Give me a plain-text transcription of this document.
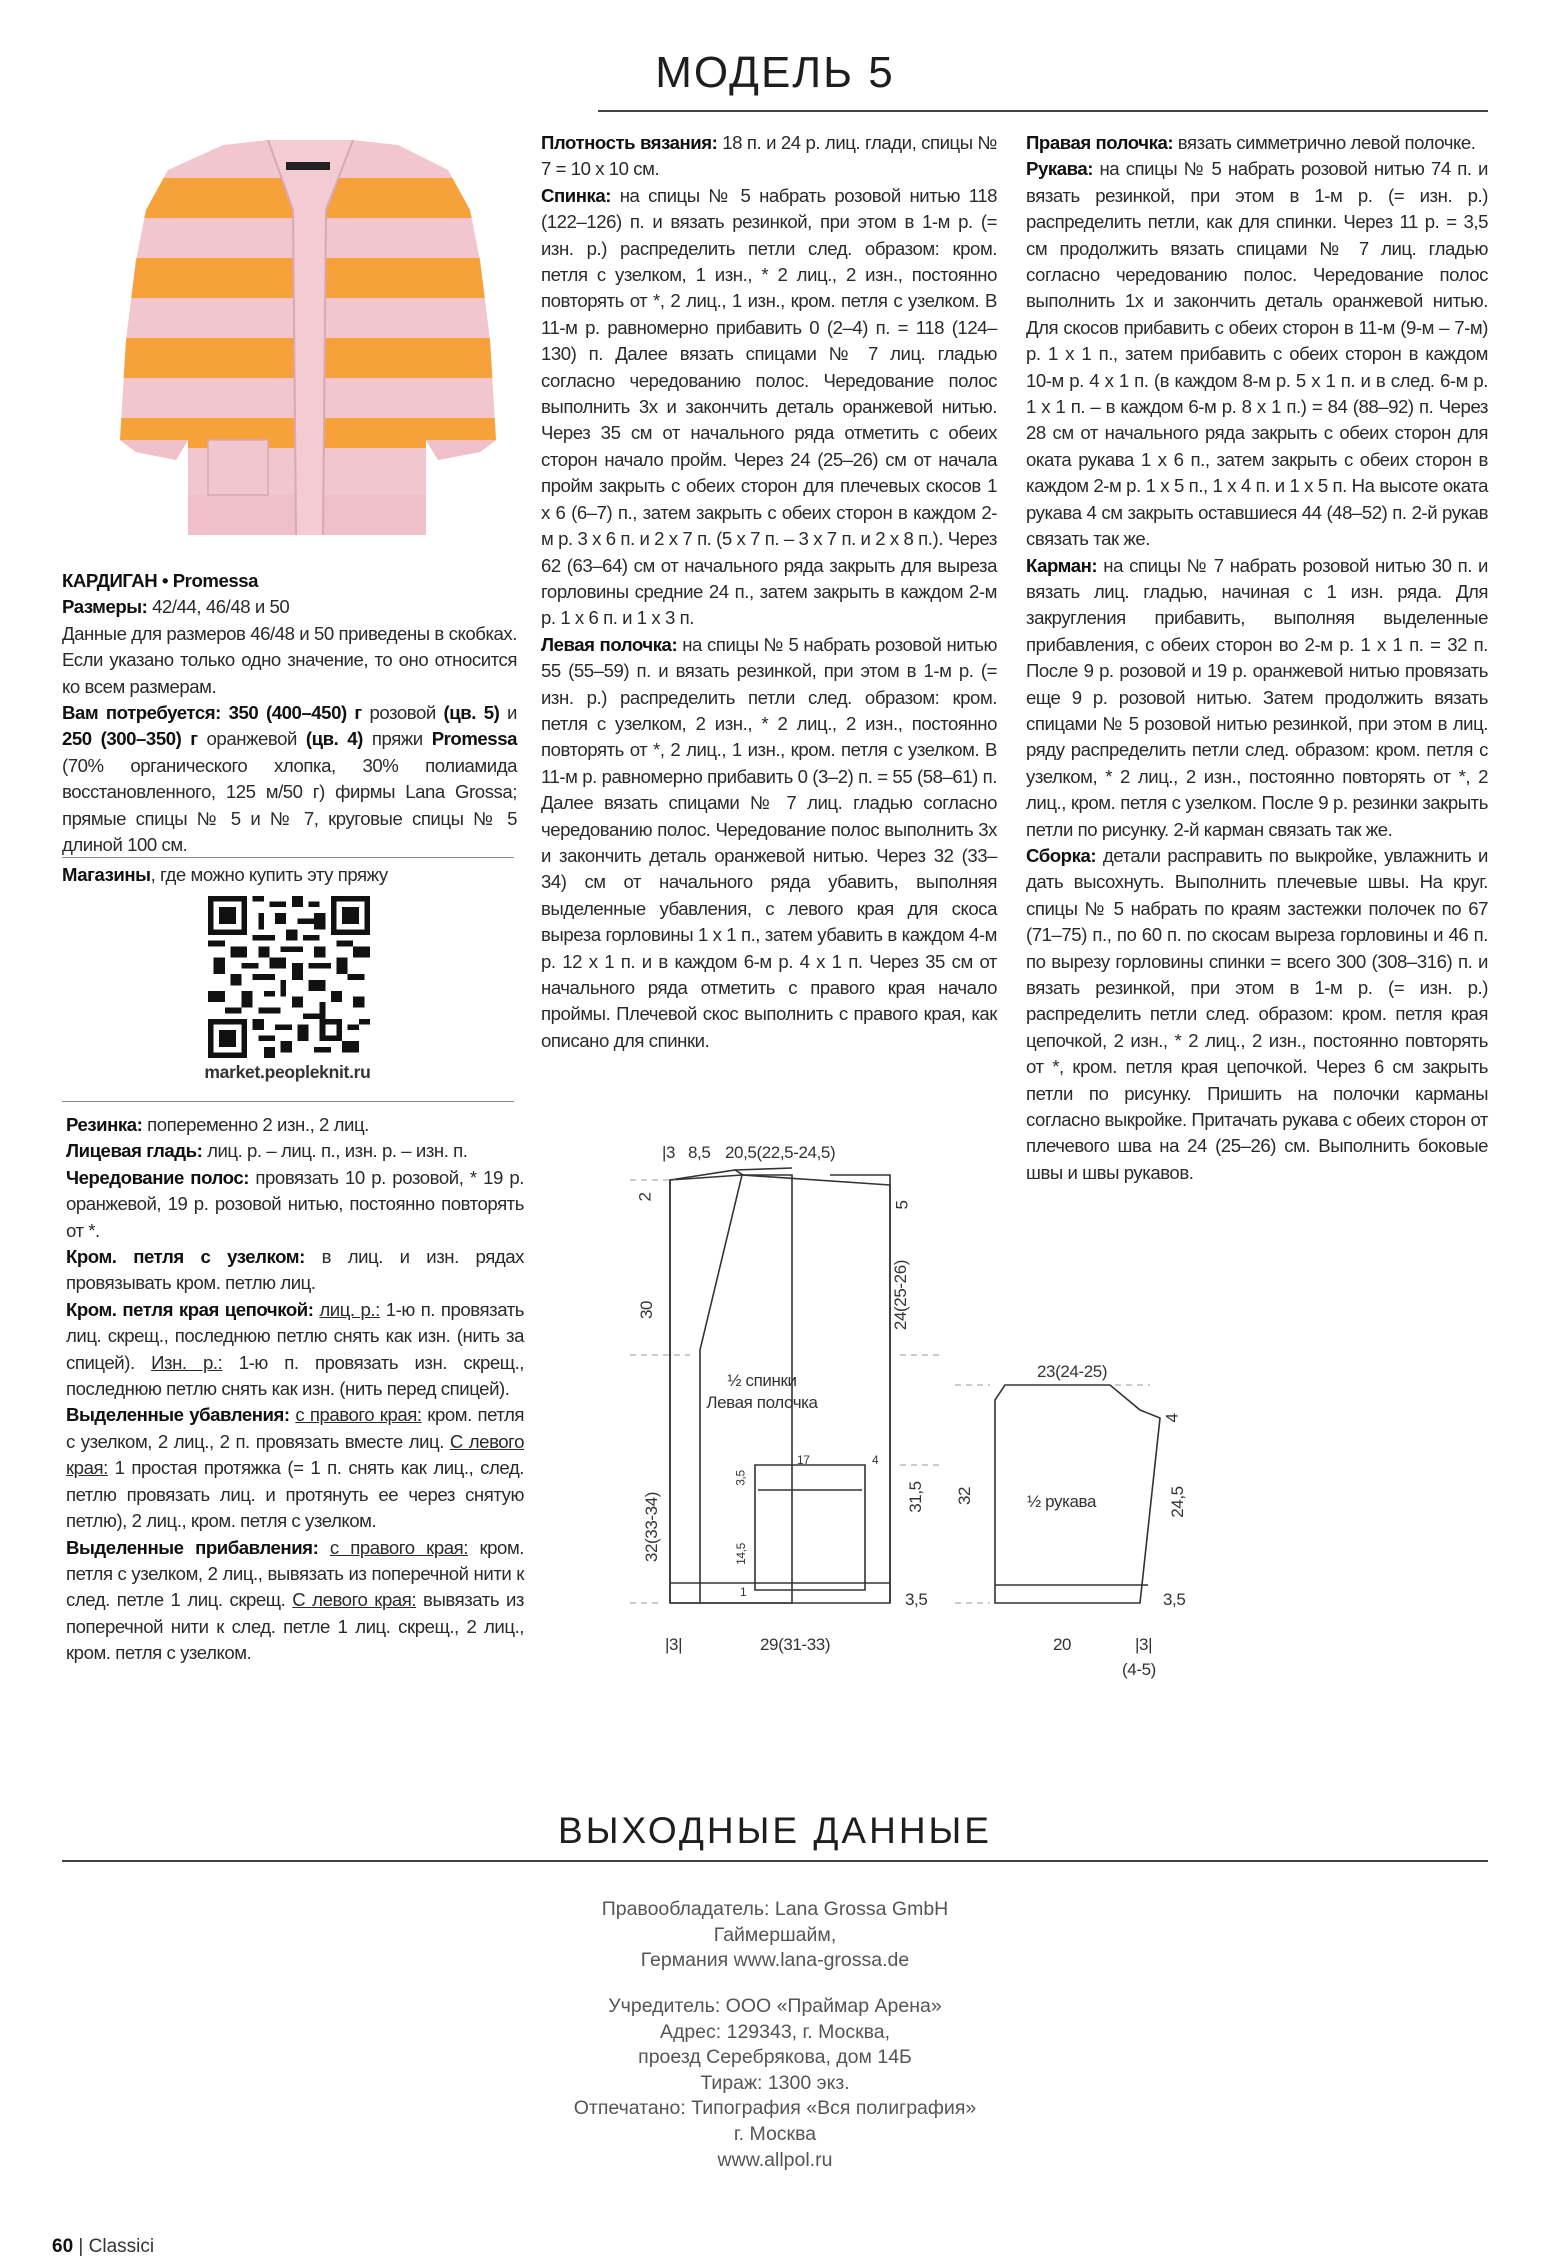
МОДЕЛЬ 5

КАРДИГАН • Promessa

Размеры: 42/44, 46/48 и 50

Данные для размеров 46/48 и 50 приведены в скобках. Если указано только одно значение, то оно относится ко всем размерам.

Вам потребуется: 350 (400–450) г розовой (цв. 5) и 250 (300–350) г оранжевой (цв. 4) пряжи Promessa (70% органического хлопка, 30% полиамида восстановленного, 125 м/50 г) фирмы Lana Grossa; прямые спицы № 5 и № 7, круговые спицы № 5 длиной 100 см.

Магазины, где можно купить эту пряжу

market.peopleknit.ru

Резинка: попеременно 2 изн., 2 лиц.

Лицевая гладь: лиц. р. – лиц. п., изн. р. – изн. п.

Чередование полос: провязать 10 р. розовой, * 19 р. оранжевой, 19 р. розовой нитью, постоянно повторять от *.

Кром. петля с узелком: в лиц. и изн. рядах провязывать кром. петлю лиц.

Кром. петля края цепочкой: лиц. р.: 1-ю п. провязать лиц. скрещ., последнюю петлю снять как изн. (нить за спицей). Изн. р.: 1-ю п. провязать изн. скрещ., последнюю петлю снять как изн. (нить перед спицей).

Выделенные убавления: с правого края: кром. петля с узелком, 2 лиц., 2 п. провязать вместе лиц. С левого края: 1 простая протяжка (= 1 п. снять как лиц., след. петлю провязать лиц. и протянуть ее через снятую петлю), 2 лиц., кром. петля с узелком.

Выделенные прибавления: с правого края: кром. петля с узелком, 2 лиц., вывязать из поперечной нити к след. петле 1 лиц. скрещ. С левого края: вывязать из поперечной нити к след. петле 1 лиц. скрещ., 2 лиц., кром. петля с узелком.

Плотность вязания: 18 п. и 24 р. лиц. глади, спицы № 7 = 10 x 10 см.

Спинка: на спицы № 5 набрать розовой нитью 118 (122–126) п. и вязать резинкой, при этом в 1-м р. (= изн. р.) распределить петли след. образом: кром. петля с узелком, 1 изн., * 2 лиц., 2 изн., постоянно повторять от *, 2 лиц., 1 изн., кром. петля с узелком. В 11-м р. равномерно прибавить 0 (2–4) п. = 118 (124–130) п. Далее вязать спицами № 7 лиц. гладью согласно чередованию полос. Чередование полос выполнить 3х и закончить деталь оранжевой нитью. Через 35 см от начального ряда отметить с обеих сторон начало пройм. Через 24 (25–26) см от начала пройм закрыть с обеих сторон для плечевых скосов 1 х 6 (6–7) п., затем закрыть с обеих сторон в каждом 2-м р. 3 х 6 п. и 2 х 7 п. (5 х 7 п. – 3 х 7 п. и 2 х 8 п.). Через 62 (63–64) см от начального ряда закрыть для выреза горловины средние 24 п., затем закрыть в каждом 2-м р. 1 х 6 п. и 1 х 3 п.

Левая полочка: на спицы № 5 набрать розовой нитью 55 (55–59) п. и вязать резинкой, при этом в 1-м р. (= изн. р.) распределить петли след. образом: кром. петля с узелком, 2 изн., * 2 лиц., 2 изн., постоянно повторять от *, 2 лиц., 1 изн., кром. петля с узелком. В 11-м р. равномерно прибавить 0 (3–2) п. = 55 (58–61) п. Далее вязать спицами № 7 лиц. гладью согласно чередованию полос. Чередование полос выполнить 3х и закончить деталь оранжевой нитью. Через 32 (33–34) см от начального ряда убавить, выполняя выделенные убавления, с левого края для скоса выреза горловины 1 х 1 п., затем убавить в каждом 4-м р. 12 х 1 п. и в каждом 6-м р. 4 х 1 п. Через 35 см от начального ряда отметить с правого края начало проймы. Плечевой скос выполнить с правого края, как описано для спинки.

Правая полочка: вязать симметрично левой полочке.

Рукава: на спицы № 5 набрать розовой нитью 74 п. и вязать резинкой, при этом в 1-м р. (= изн. р.) распределить петли, как для спинки. Через 11 р. = 3,5 см продолжить вязать спицами № 7 лиц. гладью согласно чередованию полос. Чередование полос выполнить 1х и закончить деталь оранжевой нитью. Для скосов прибавить с обеих сторон в 11-м (9-м – 7-м) р. 1 х 1 п., затем прибавить с обеих сторон в каждом 10-м р. 4 х 1 п. (в каждом 8-м р. 5 х 1 п. и в след. 6-м р. 1 х 1 п. – в каждом 6-м р. 8 х 1 п.) = 84 (88–92) п. Через 28 см от начального ряда закрыть с обеих сторон для оката рукава 1 х 6 п., затем закрыть с обеих сторон в каждом 2-м р. 1 х 5 п., 1 х 4 п. и 1 х 5 п. На высоте оката рукава 4 см закрыть оставшиеся 44 (48–52) п. 2-й рукав связать так же.

Карман: на спицы № 7 набрать розовой нитью 30 п. и вязать лиц. гладью, начиная с 1 изн. ряда. Для закругления прибавить, выполняя выделенные прибавления, с обеих сторон во 2-м р. 1 х 1 п. = 32 п. После 9 р. розовой и 19 р. оранжевой нитью провязать еще 9 р. розовой нитью. Затем продолжить вязать спицами № 5 розовой нитью резинкой, при этом в лиц. ряду распределить петли след. образом: кром. петля с узелком, * 2 лиц., 2 изн., постоянно повторять от *, 2 лиц., кром. петля с узелком. После 9 р. резинки закрыть петли по рисунку. 2-й карман связать так же.

Сборка: детали расправить по выкройке, увлажнить и дать высохнуть. Выполнить плечевые швы. На круг. спицы № 5 набрать по краям застежки полочек по 67 (71–75) п., по 60 п. по скосам выреза горловины и 46 п. по вырезу горловины спинки = всего 300 (308–316) п. и вязать резинкой, при этом в 1-м р. (= изн. р.) распределить петли след. образом: кром. петля края цепочкой, 2 изн., * 2 лиц., 2 изн., постоянно повторять от *, кром. петля края цепочкой. Через 6 см закрыть петли по рисунку. Пришить на полочки карманы согласно выкройке. Притачать рукава с обеих сторон от плечевого шва на 24 (25–26) см. Выполнить боковые швы и швы рукавов.

|3 8,5 20,5(22,5-24,5)
5
24(25-26)
31,5
3,5
2
30
32(33-34)
½ спинки
Левая полочка
17	4
3,5
14,5
1
|3|	29(31-33)
23(24-25)
4
24,5
3,5
32	½ рукава
20	|3|
(4-5)
ВЫХОДНЫЕ ДАННЫЕ
Правообладатель: Lana Grossa GmbH
Гаймершайм,
Германия www.lana-grossa.de
Учредитель: ООО «Праймар Арена»
Адрес: 129343, г. Москва,
проезд Серебрякова, дом 14Б
Тираж: 1300 экз.
Отпечатано: Типография «Вся полиграфия»
г. Москва
www.allpol.ru
60 | Classici
